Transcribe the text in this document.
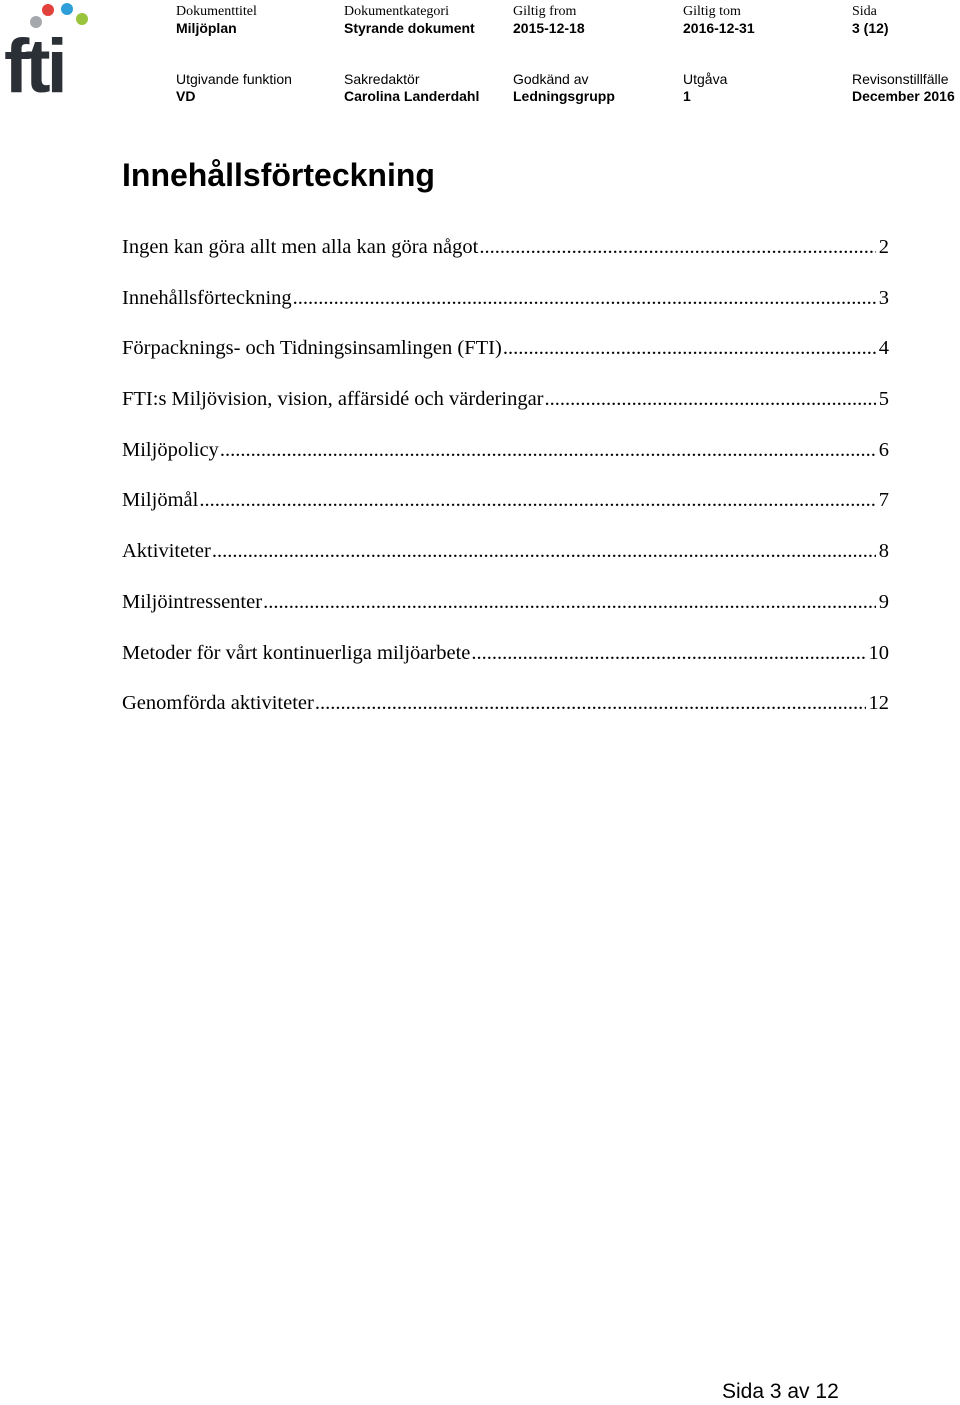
fti
Dokumenttitel
Miljöplan
Dokumentkategori
Styrande dokument
Giltig from
2015-12-18
Giltig tom
2016-12-31
Sida
3 (12)
Utgivande funktion
VD
Sakredaktör
Carolina Landerdahl
Godkänd av
Ledningsgrupp
Utgåva
1
Revisonstillfälle
December 2016
Innehållsförteckning
Ingen kan göra allt men alla kan göra något .....	2
Innehållsförteckning .....	3
Förpacknings- och Tidningsinsamlingen (FTI) .....	4
FTI:s Miljövision, vision, affärsidé och värderingar .....	5
Miljöpolicy .....	6
Miljömål .....	7
Aktiviteter .....	8
Miljöintressenter .....	9
Metoder för vårt kontinuerliga miljöarbete .....	10
Genomförda aktiviteter .....	12
Sida 3 av 12
